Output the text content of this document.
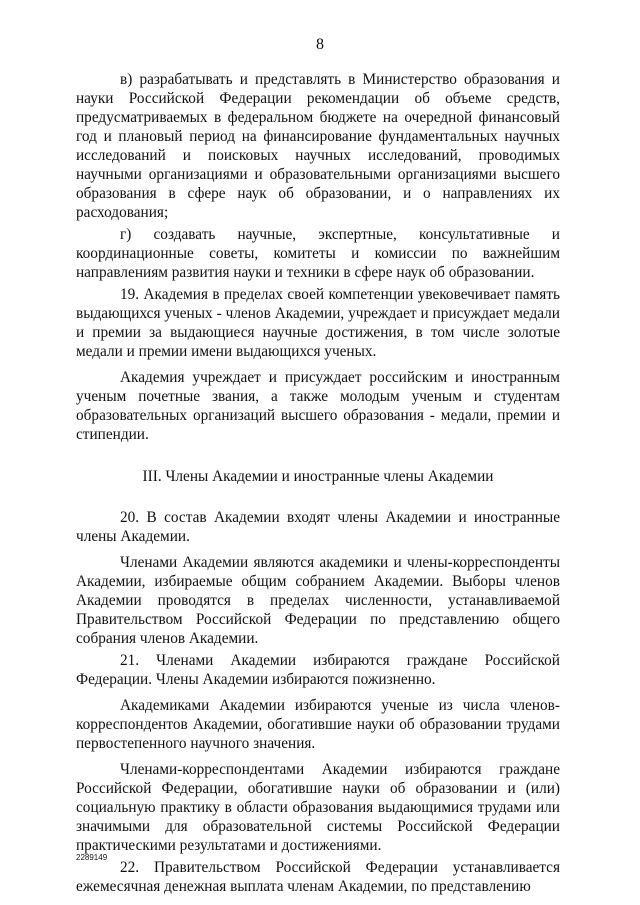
8

в) разрабатывать и представлять в Министерство образования и науки Российской Федерации рекомендации об объеме средств, предусматриваемых в федеральном бюджете на очередной финансовый год и плановый период на финансирование фундаментальных научных исследований и поисковых научных исследований, проводимых научными организациями и образовательными организациями высшего образования в сфере наук об образовании, и о направлениях их расходования;

г) создавать научные, экспертные, консультативные и координационные советы, комитеты и комиссии по важнейшим направлениям развития науки и техники в сфере наук об образовании.

19. Академия в пределах своей компетенции увековечивает память выдающихся ученых - членов Академии, учреждает и присуждает медали и премии за выдающиеся научные достижения, в том числе золотые медали и премии имени выдающихся ученых.

Академия учреждает и присуждает российским и иностранным ученым почетные звания, а также молодым ученым и студентам образовательных организаций высшего образования - медали, премии и стипендии.

III. Члены Академии и иностранные члены Академии

20. В состав Академии входят члены Академии и иностранные члены Академии.

Членами Академии являются академики и члены-корреспонденты Академии, избираемые общим собранием Академии. Выборы членов Академии проводятся в пределах численности, устанавливаемой Правительством Российской Федерации по представлению общего собрания членов Академии.

21. Членами Академии избираются граждане Российской Федерации. Члены Академии избираются пожизненно.

Академиками Академии избираются ученые из числа членов-корреспондентов Академии, обогатившие науки об образовании трудами первостепенного научного значения.

Членами-корреспондентами Академии избираются граждане Российской Федерации, обогатившие науки об образовании и (или) социальную практику в области образования выдающимися трудами или значимыми для образовательной системы Российской Федерации практическими результатами и достижениями.

22. Правительством Российской Федерации устанавливается ежемесячная денежная выплата членам Академии, по представлению

2289149
